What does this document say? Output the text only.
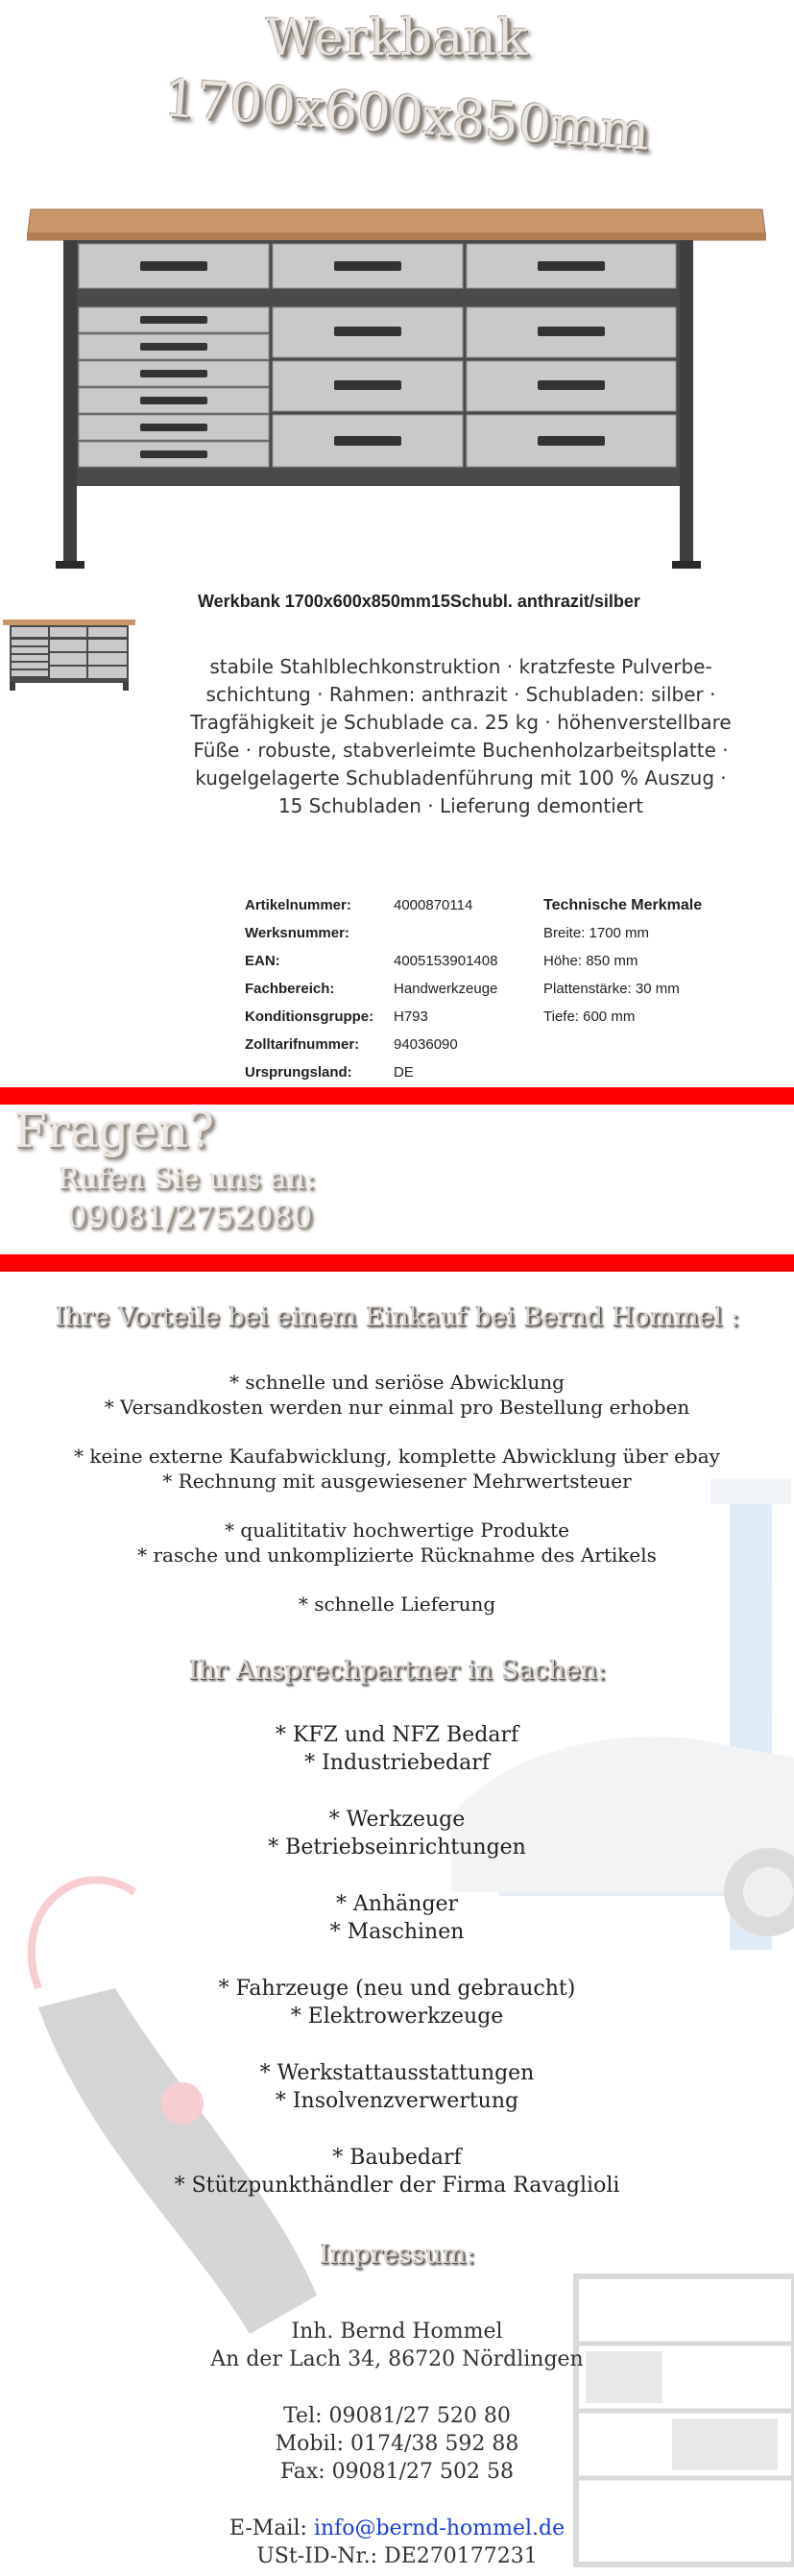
Werkbank
1700x600x850mm
Werkbank 1700x600x850mm15Schubl. anthrazit/silber
stabile Stahlblechkonstruktion · kratzfeste Pulverbe-
schichtung · Rahmen: anthrazit · Schubladen: silber ·
Tragfähigkeit je Schublade ca. 25 kg · höhenverstellbare
Füße · robuste, stabverleimte Buchenholzarbeitsplatte ·
kugelgelagerte Schubladenführung mit 100 % Auszug ·
15 Schubladen · Lieferung demontiert
Artikelnummer:
Werksnummer:
EAN:
Fachbereich:
Konditionsgruppe:
Zolltarifnummer:
Ursprungsland:
4000870114
4005153901408
Handwerkzeuge
H793
94036090
DE
Technische Merkmale
Breite: 1700 mm
Höhe: 850 mm
Plattenstärke: 30 mm
Tiefe: 600 mm
Fragen?
Rufen Sie uns an:
09081/2752080
Ihre Vorteile bei einem Einkauf bei Bernd Hommel :
* schnelle und seriöse Abwicklung
* Versandkosten werden nur einmal pro Bestellung erhoben
* keine externe Kaufabwicklung, komplette Abwicklung über ebay
* Rechnung mit ausgewiesener Mehrwertsteuer
* qualititativ hochwertige Produkte
* rasche und unkomplizierte Rücknahme des Artikels
* schnelle Lieferung
Ihr Ansprechpartner in Sachen:
* KFZ und NFZ Bedarf
* Industriebedarf
* Werkzeuge
* Betriebseinrichtungen
* Anhänger
* Maschinen
* Fahrzeuge (neu und gebraucht)
* Elektrowerkzeuge
* Werkstattausstattungen
* Insolvenzverwertung
* Baubedarf
* Stützpunkthändler der Firma Ravaglioli
Impressum:
Inh. Bernd Hommel
An der Lach 34, 86720 Nördlingen
Tel: 09081/27 520 80
Mobil: 0174/38 592 88
Fax: 09081/27 502 58
E-Mail: info@bernd-hommel.de
USt-ID-Nr.: DE270177231
